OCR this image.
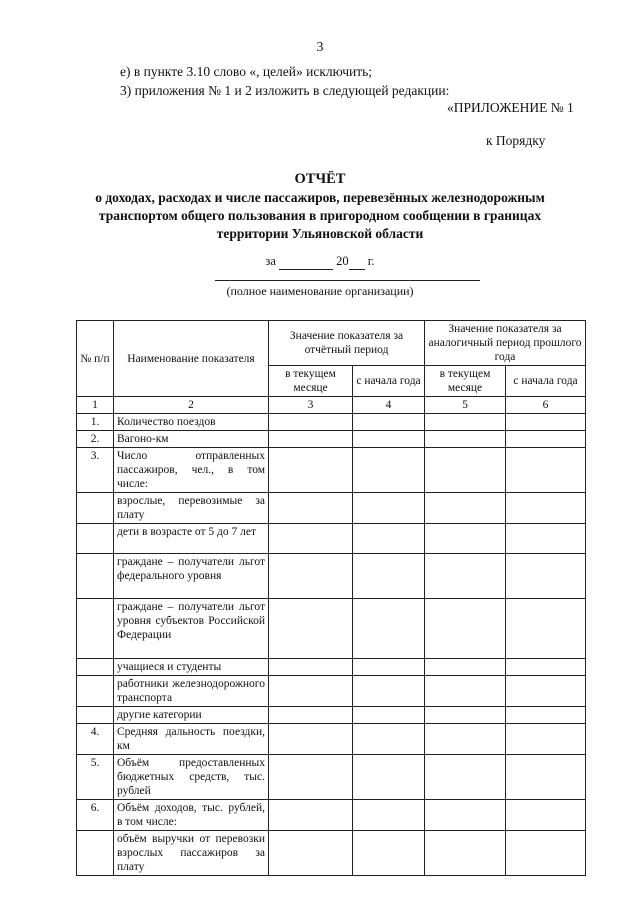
3
е) в пункте 3.10 слово «, целей» исключить;
3) приложения № 1 и 2 изложить в следующей редакции:
«ПРИЛОЖЕНИЕ № 1
к Порядку
ОТЧЁТ
о доходах, расходах и числе пассажиров, перевезённых железнодорожным
транспортом общего пользования в пригородном сообщении в границах
территории Ульяновской области
за	20 г.
(полное наименование организации)
№ п/п	Наименование показателя	Значение показателя за отчётный период		Значение показателя за аналогичный период прошлого года	
		в текущем месяце	с начала года	в текущем месяце	с начала года
1	2	3	4	5	6
1.	Количество поездов				
2.	Вагоно-км				
3.	Число отправленных пассажиров, чел., в том числе:				
	взрослые, перевозимые за плату				
	дети в возрасте от 5 до 7 лет				
	граждане – получатели льгот федерального уровня				
	граждане – получатели льгот уровня субъектов Российской Федерации				
	учащиеся и студенты				
	работники железнодорожного транспорта				
	другие категории				
4.	Средняя дальность поездки, км				
5.	Объём предоставленных бюджетных средств, тыс. рублей				
6.	Объём доходов, тыс. рублей, в том числе:				
	объём выручки от перевозки взрослых пассажиров за плату				
